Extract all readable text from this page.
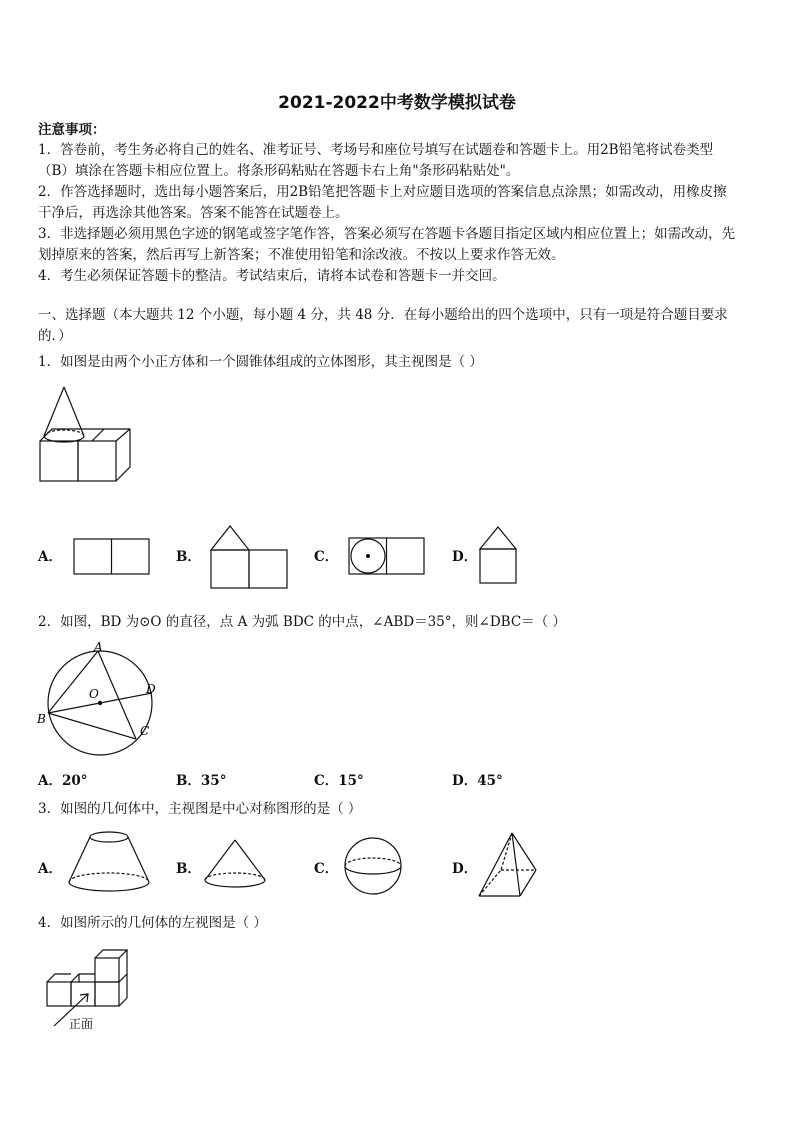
2021-2022中考数学模拟试卷
注意事项：
1．答卷前，考生务必将自己的姓名、准考证号、考场号和座位号填写在试题卷和答题卡上。用2B铅笔将试卷类型
（B）填涂在答题卡相应位置上。将条形码粘贴在答题卡右上角"条形码粘贴处"。
2．作答选择题时，选出每小题答案后，用2B铅笔把答题卡上对应题目选项的答案信息点涂黑；如需改动，用橡皮擦
干净后，再选涂其他答案。答案不能答在试题卷上。
3．非选择题必须用黑色字迹的钢笔或签字笔作答，答案必须写在答题卡各题目指定区域内相应位置上；如需改动，先
划掉原来的答案，然后再写上新答案；不准使用铅笔和涂改液。不按以上要求作答无效。
4．考生必须保证答题卡的整洁。考试结束后，请将本试卷和答题卡一并交回。
一、选择题（本大题共 12 个小题，每小题 4 分，共 48 分．在每小题给出的四个选项中，只有一项是符合题目要求
的．）
1．如图是由两个小正方体和一个圆锥体组成的立体图形，其主视图是（ ）
A．	B．	C．	D．
2．如图，BD 为⊙O 的直径，点 A 为弧 BDC 的中点，∠ABD＝35°，则∠DBC＝（ ）
A
B
C
D
O
A．20°	B．35°	C．15°	D．45°
3．如图的几何体中，主视图是中心对称图形的是（ ）
A．	B．	C．	D．
4．如图所示的几何体的左视图是（ ）
正面
